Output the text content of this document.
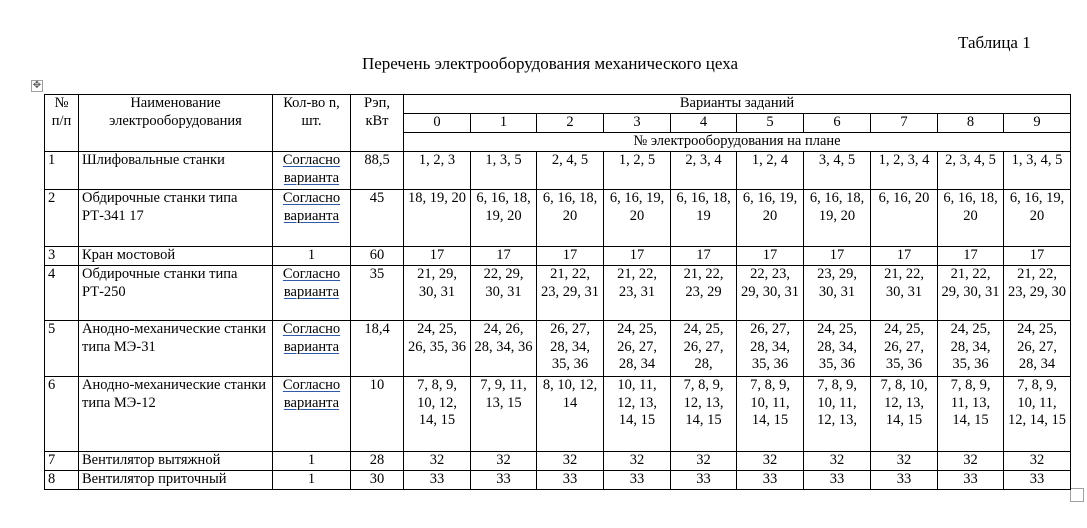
Таблица 1
Перечень электрооборудования механического цеха
✥
№ п/п	Наименование электрооборудования	Кол-во n, шт.	Рэп, кВт	Варианты заданий									
				0	1	2	3	4	5	6	7	8	9
				№ электрооборудования на плане									
1	Шлифовальные станки	Согласно варианта	88,5	1, 2, 3	1, 3, 5	2, 4, 5	1, 2, 5	2, 3, 4	1, 2, 4	3, 4, 5	1, 2, 3, 4	2, 3, 4, 5	1, 3, 4, 5
2	Обдирочные станки типа РТ-341 17	Согласно варианта	45	18, 19, 20	6, 16, 18, 19, 20	6, 16, 18, 20	6, 16, 19, 20	6, 16, 18, 19	6, 16, 19, 20	6, 16, 18, 19, 20	6, 16, 20	6, 16, 18, 20	6, 16, 19, 20
3	Кран мостовой	1	60	17	17	17	17	17	17	17	17	17	17
4	Обдирочные станки типа РТ-250	Согласно варианта	35	21, 29, 30, 31	22, 29, 30, 31	21, 22, 23, 29, 31	21, 22, 23, 31	21, 22, 23, 29	22, 23, 29, 30, 31	23, 29, 30, 31	21, 22, 30, 31	21, 22, 29, 30, 31	21, 22, 23, 29, 30
5	Анодно-механические станки типа МЭ-31	Согласно варианта	18,4	24, 25, 26, 35, 36	24, 26, 28, 34, 36	26, 27, 28, 34, 35, 36	24, 25, 26, 27, 28, 34	24, 25, 26, 27, 28,	26, 27, 28, 34, 35, 36	24, 25, 28, 34, 35, 36	24, 25, 26, 27, 35, 36	24, 25, 28, 34, 35, 36	24, 25, 26, 27, 28, 34
6	Анодно-механические станки типа МЭ-12	Согласно варианта	10	7, 8, 9, 10, 12, 14, 15	7, 9, 11, 13, 15	8, 10, 12, 14	10, 11, 12, 13, 14, 15	7, 8, 9, 12, 13, 14, 15	7, 8, 9, 10, 11, 14, 15	7, 8, 9, 10, 11, 12, 13,	7, 8, 10, 12, 13, 14, 15	7, 8, 9, 11, 13, 14, 15	7, 8, 9, 10, 11, 12, 14, 15
7	Вентилятор вытяжной	1	28	32	32	32	32	32	32	32	32	32	32
8	Вентилятор приточный	1	30	33	33	33	33	33	33	33	33	33	33
